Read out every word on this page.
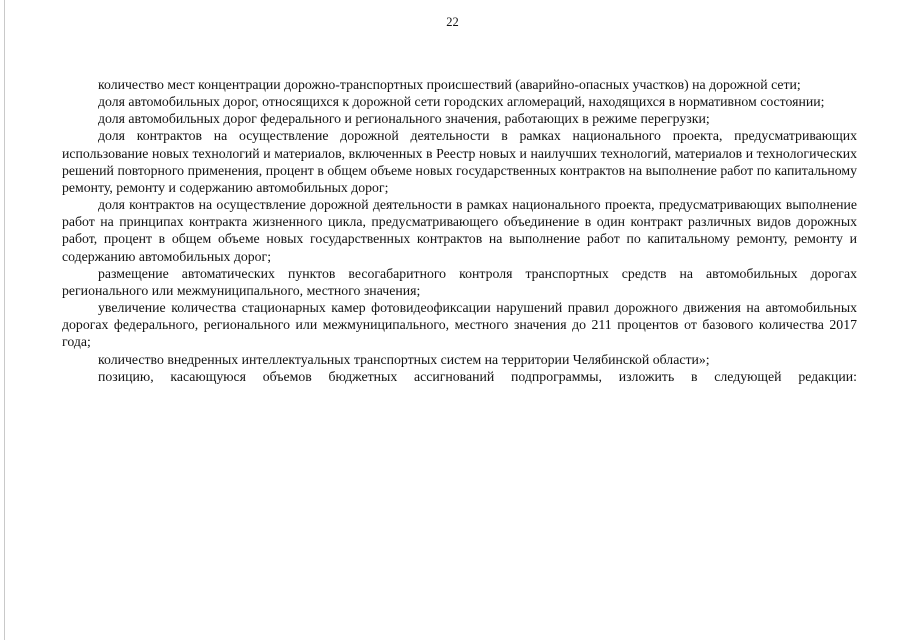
22

количество мест концентрации дорожно-транспортных происшествий (аварийно-опасных участков) на дорожной сети;

доля автомобильных дорог, относящихся к дорожной сети городских агломераций, находящихся в нормативном состоянии;

доля автомобильных дорог федерального и регионального значения, работающих в режиме перегрузки;

доля контрактов на осуществление дорожной деятельности в рамках национального проекта, предусматривающих использование новых технологий и материалов, включенных в Реестр новых и наилучших технологий, материалов и технологических решений повторного применения, процент в общем объеме новых государственных контрактов на выполнение работ по капитальному ремонту, ремонту и содержанию автомобильных дорог;

доля контрактов на осуществление дорожной деятельности в рамках национального проекта, предусматривающих выполнение работ на принципах контракта жизненного цикла, предусматривающего объединение в один контракт различных видов дорожных работ, процент в общем объеме новых государственных контрактов на выполнение работ по капитальному ремонту, ремонту и содержанию автомобильных дорог;

размещение автоматических пунктов весогабаритного контроля транспортных средств на автомобильных дорогах регионального или межмуниципального, местного значения;

увеличение количества стационарных камер фотовидеофиксации нарушений правил дорожного движения на автомобильных дорогах федерального, регионального или межмуниципального, местного значения до 211 процентов от базового количества 2017 года;

количество внедренных интеллектуальных транспортных систем на территории Челябинской области»;

позицию, касающуюся объемов бюджетных ассигнований подпрограммы, изложить в следующей редакции:
